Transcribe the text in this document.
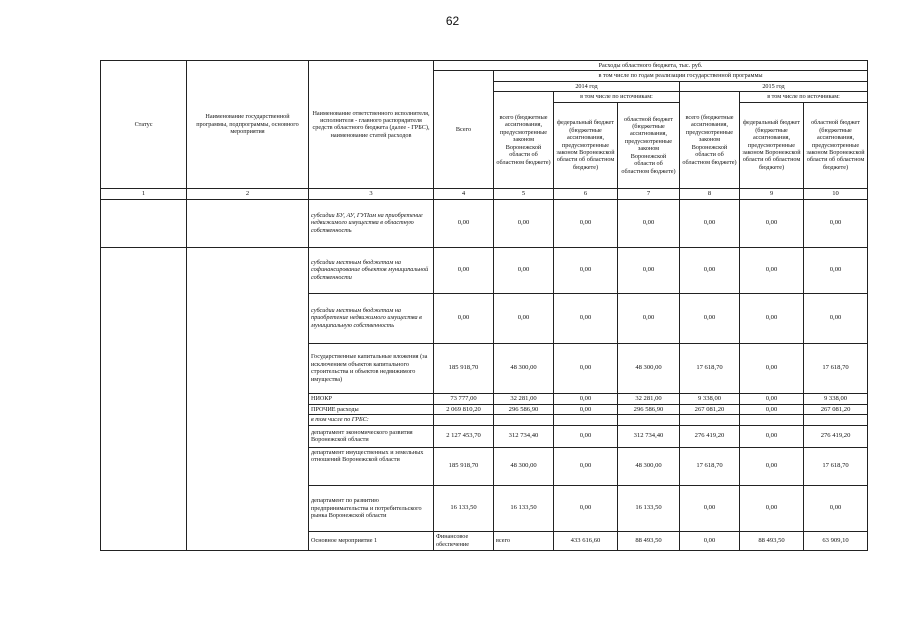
62
Статус	Наименование государственной программы, подпрограммы, основного мероприятия	Наименование ответственного исполнителя, исполнителя - главного распорядителя средств областного бюджета (далее - ГРБС), наименование статей расходов	Расходы областного бюджета, тыс. руб.							
			Всего	в том числе по годам реализации государственной программы						
				2014 год			2015 год			
				всего (бюджетные ассигнования, предусмотренные законом Воронежской области об областном бюджете)	в том числе по источникам:		всего (бюджетные ассигнования, предусмотренные законом Воронежской области об областном бюджете)	в том числе по источникам:		
					федеральный бюджет (бюджетные ассигнования, предусмотренные законом Воронежской области об областном бюджете)	областной бюджет (бюджетные ассигнования, предусмотренные законом Воронежской области об областном бюджете)		федеральный бюджет (бюджетные ассигнования, предусмотренные законом Воронежской области об областном бюджете)	областной бюджет (бюджетные ассигнования, предусмотренные законом Воронежской области об областном бюджете)	
1	2	3	4	5	6	7	8	9	10	
		субсидии БУ, АУ, ГУПам на приобретение недвижимого имущества в областную собственность	0,00	0,00	0,00	0,00	0,00	0,00	0,00	
		субсидии местным бюджетам на софинансирование объектов муниципальной собственности	0,00	0,00	0,00	0,00	0,00	0,00	0,00	
		субсидии местным бюджетам на приобретение недвижимого имущества в муниципальную собственность	0,00	0,00	0,00	0,00	0,00	0,00	0,00	
		Государственные капитальные вложения (за исключением объектов капитального строительства и объектов недвижимого имущества)	185 918,70	48 300,00	0,00	48 300,00	17 618,70	0,00	17 618,70	
		НИОКР	73 777,00	32 281,00	0,00	32 281,00	9 338,00	0,00	9 338,00	
		ПРОЧИЕ расходы	2 069 810,20	296 586,90	0,00	296 586,90	267 081,20	0,00	267 081,20	
		в том числе по ГРБС:								
		департамент экономического развития Воронежской области	2 127 453,70	312 734,40	0,00	312 734,40	276 419,20	0,00	276 419,20	
		департамент имущественных и земельных отношений Воронежской области	185 918,70	48 300,00	0,00	48 300,00	17 618,70	0,00	17 618,70	
		департамент по развитию предпринимательства и потребительского рынка Воронежской области	16 133,50	16 133,50	0,00	16 133,50	0,00	0,00	0,00	
		Основное мероприятие 1	Финансовое обеспечение	всего	433 616,60	88 493,50	0,00	88 493,50	63 909,10		
